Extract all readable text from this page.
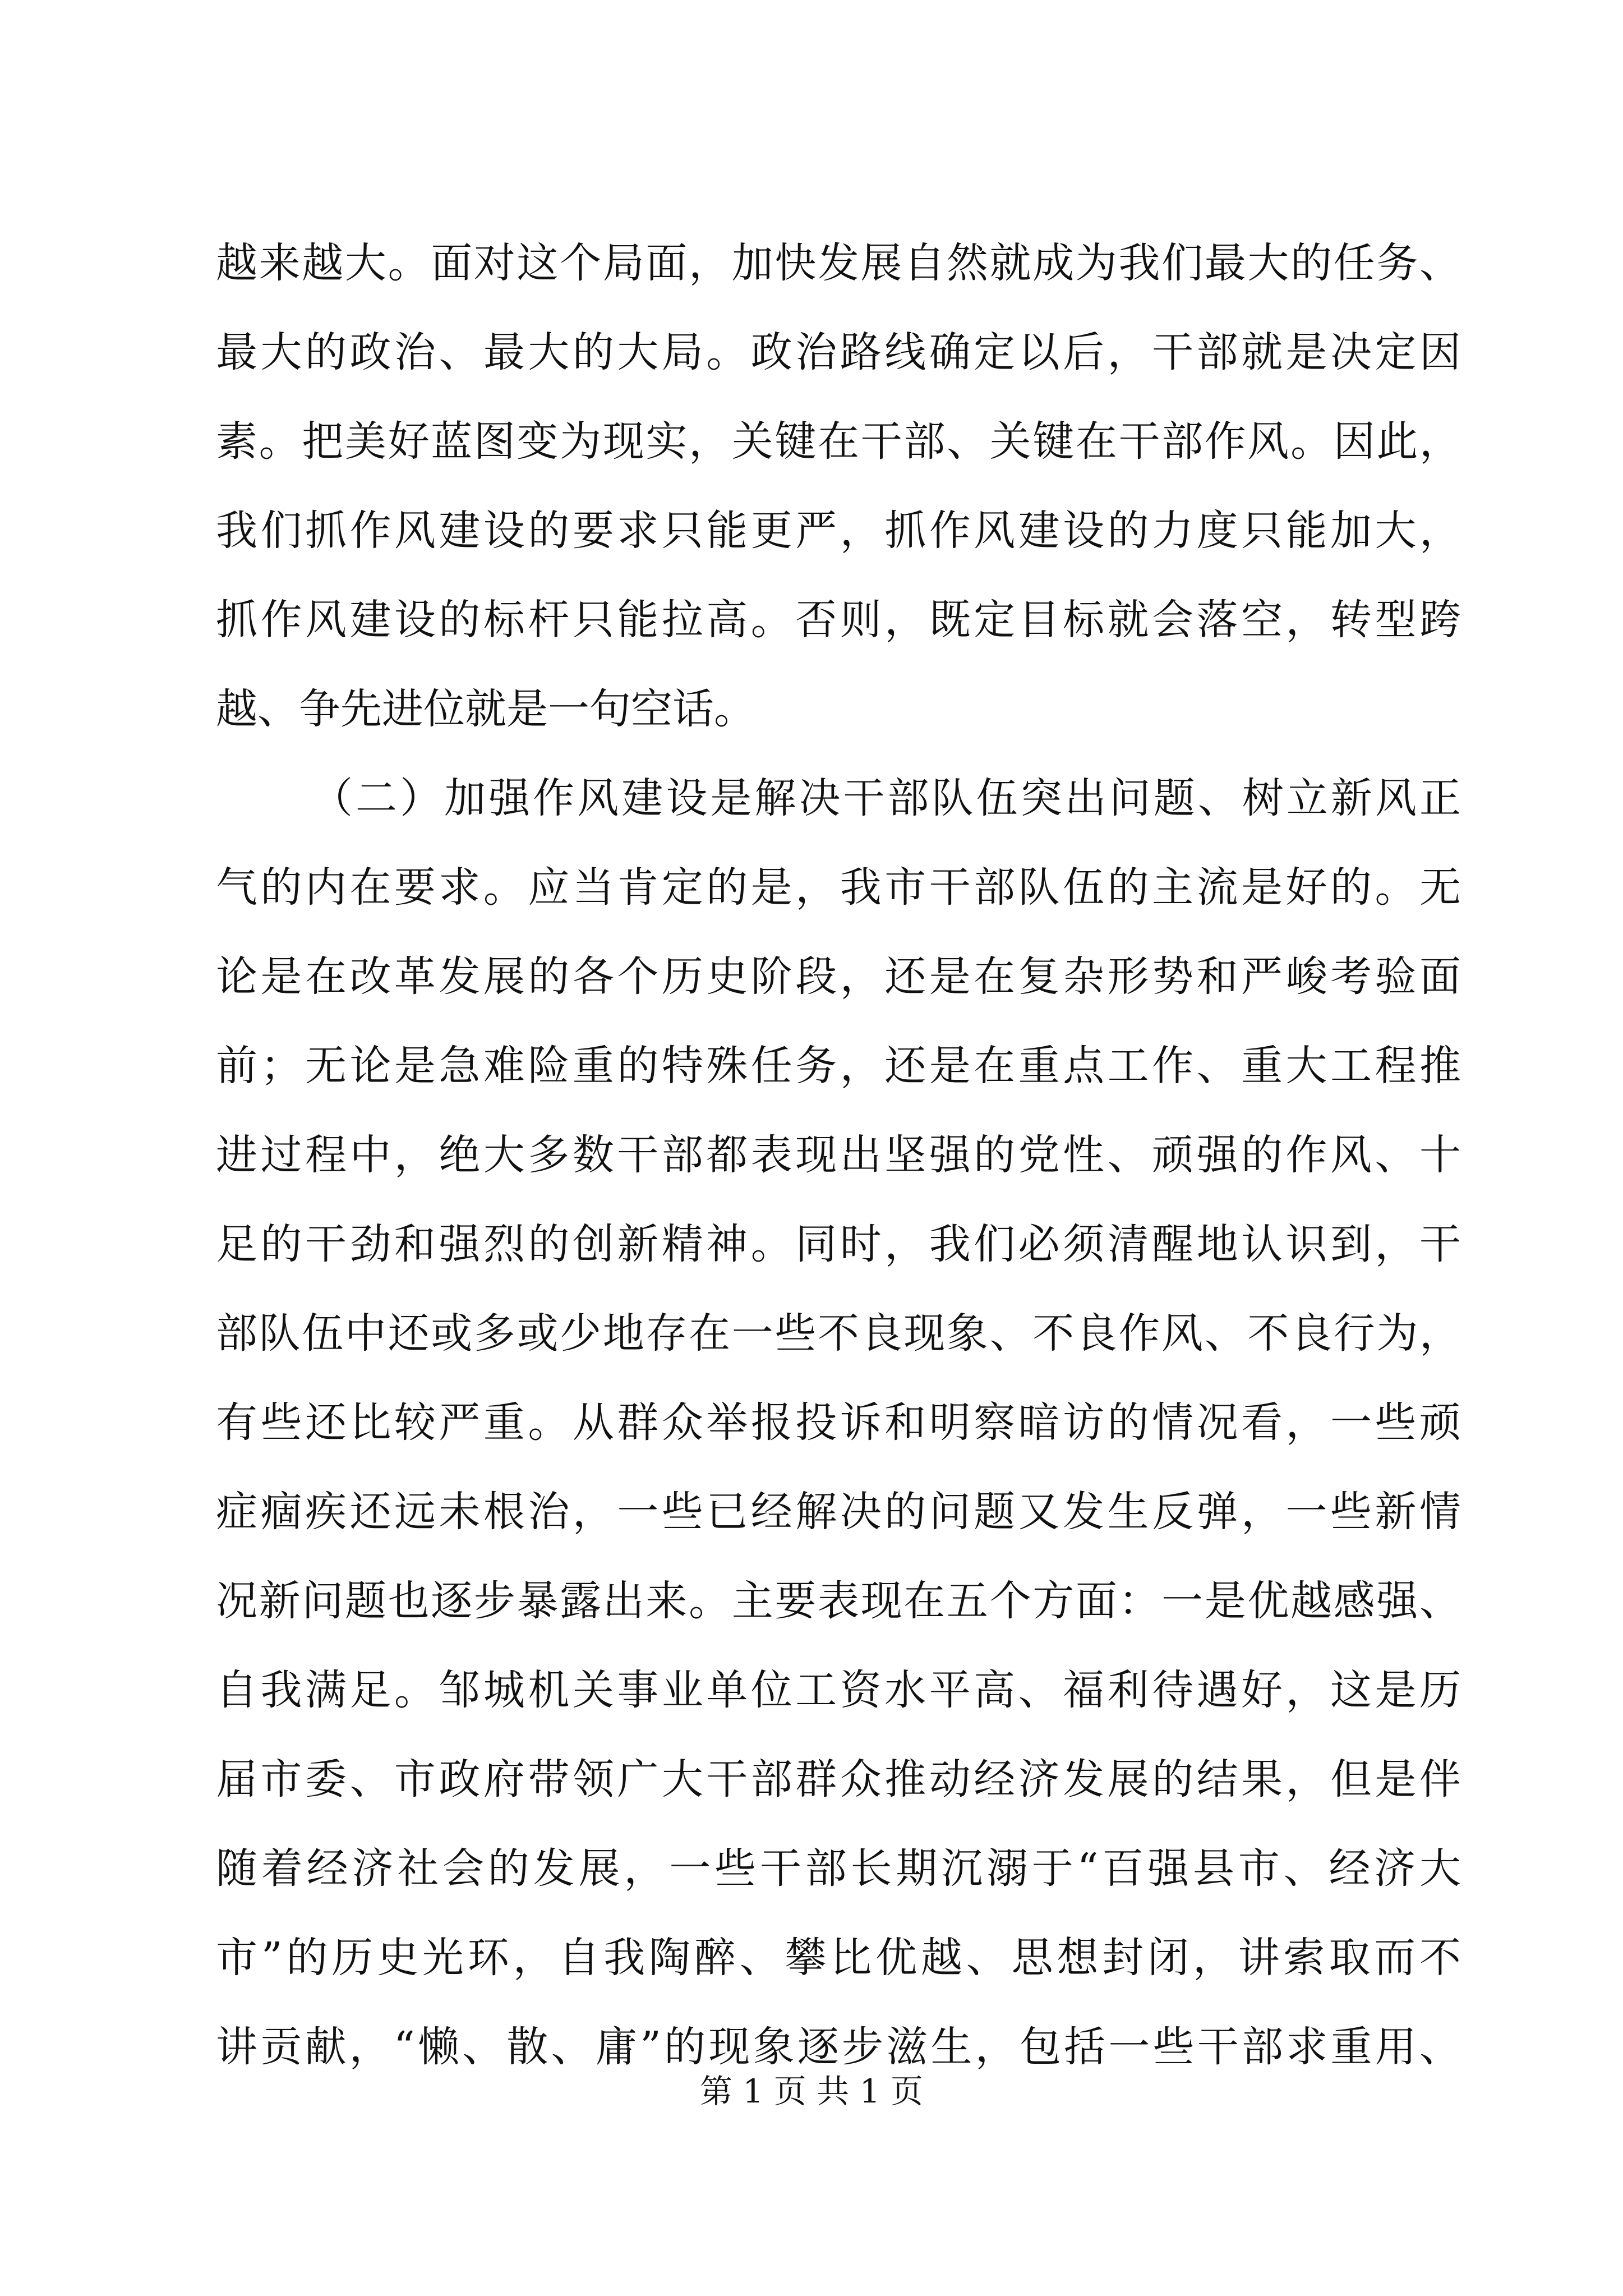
越来越大。面对这个局面，加快发展自然就成为我们最大的任务、
最大的政治、最大的大局。政治路线确定以后，干部就是决定因
素。把美好蓝图变为现实，关键在干部、关键在干部作风。因此，
我们抓作风建设的要求只能更严，抓作风建设的力度只能加大，
抓作风建设的标杆只能拉高。否则，既定目标就会落空，转型跨
越、争先进位就是一句空话。
（二）加强作风建设是解决干部队伍突出问题、树立新风正
气的内在要求。应当肯定的是，我市干部队伍的主流是好的。无
论是在改革发展的各个历史阶段，还是在复杂形势和严峻考验面
前；无论是急难险重的特殊任务，还是在重点工作、重大工程推
进过程中，绝大多数干部都表现出坚强的党性、顽强的作风、十
足的干劲和强烈的创新精神。同时，我们必须清醒地认识到，干
部队伍中还或多或少地存在一些不良现象、不良作风、不良行为，
有些还比较严重。从群众举报投诉和明察暗访的情况看，一些顽
症痼疾还远未根治，一些已经解决的问题又发生反弹，一些新情
况新问题也逐步暴露出来。主要表现在五个方面：一是优越感强、
自我满足。邹城机关事业单位工资水平高、福利待遇好，这是历
届市委、市政府带领广大干部群众推动经济发展的结果，但是伴
随着经济社会的发展，一些干部长期沉溺于“百强县市、经济大
市”的历史光环，自我陶醉、攀比优越、思想封闭，讲索取而不
讲贡献，“懒、散、庸”的现象逐步滋生，包括一些干部求重用、
第 1 页 共 1 页
